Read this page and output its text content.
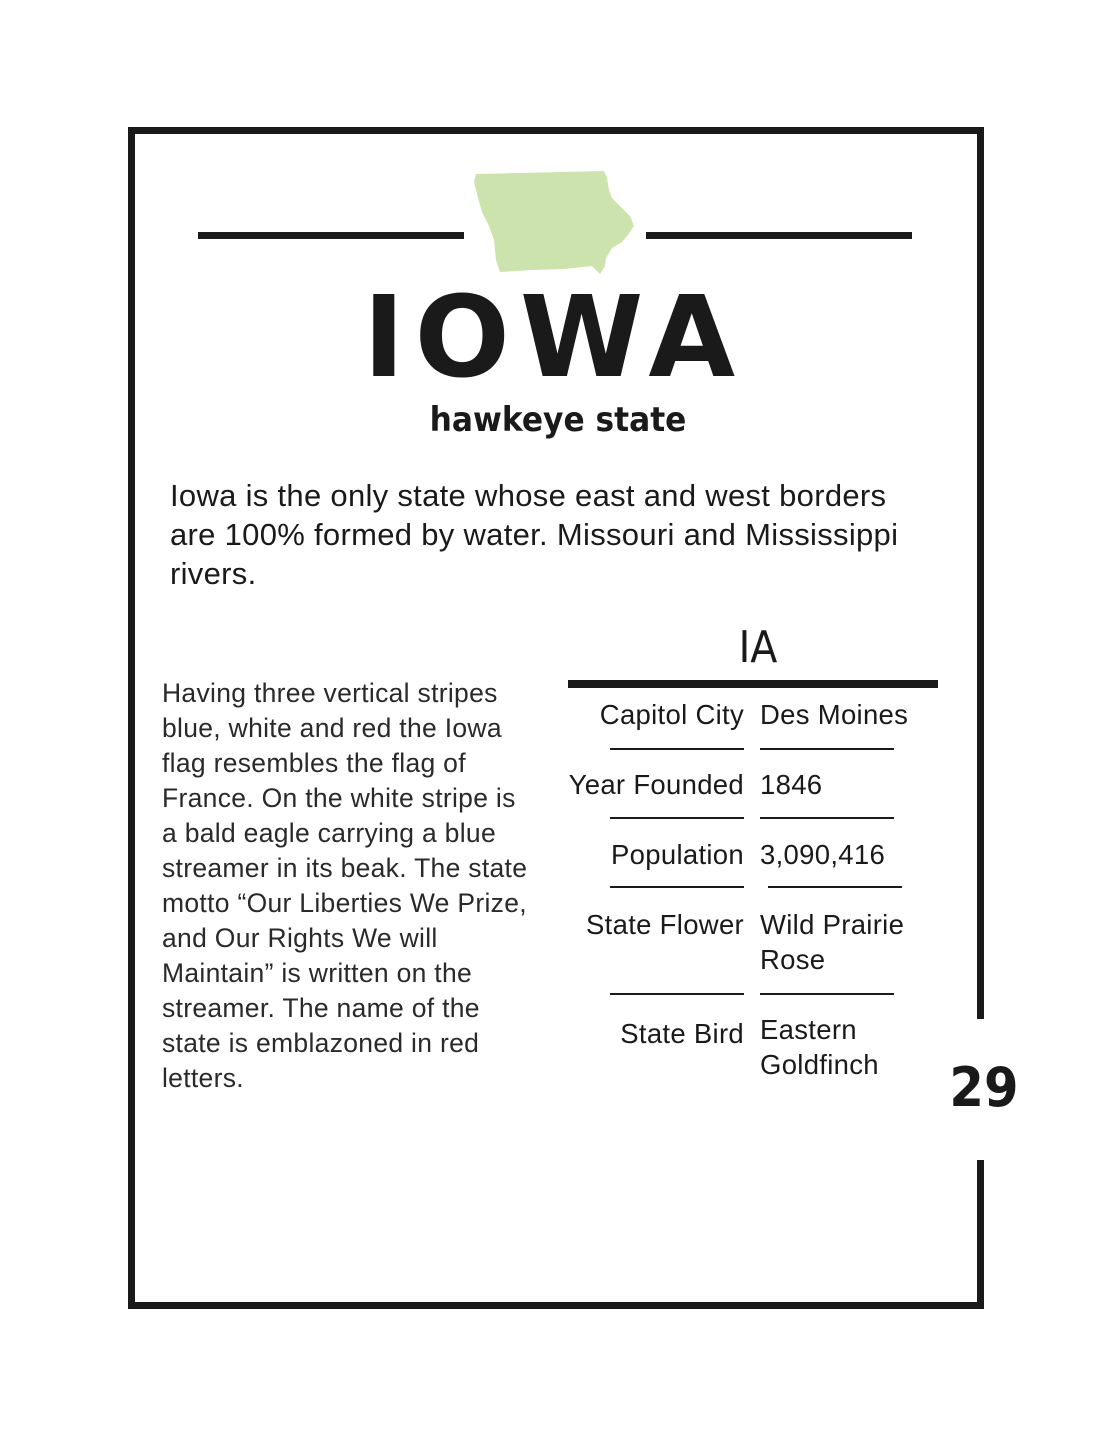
IOWA
hawkeye state

Iowa is the only state whose east and west borders are 100% formed by water. Missouri and Mississippi rivers.

Having three vertical stripes blue, white and red the Iowa flag resembles the flag of France. On the white stripe is a bald eagle carrying a blue streamer in its beak. The state motto “Our Liberties We Prize, and Our Rights We will Maintain” is written on the streamer. The name of the state is emblazoned in red letters.

IA
Capitol City Des Moines
Year Founded 1846
Population 3,090,416
State Flower Wild Prairie Rose
State Bird Eastern Goldfinch	29
